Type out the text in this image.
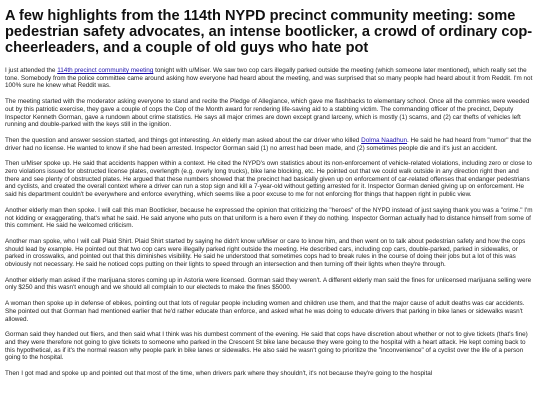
A few highlights from the 114th NYPD precinct community meeting: some pedestrian safety advocates, an intense bootlicker, a crowd of ordinary cop-cheerleaders, and a couple of old guys who hate pot

I just attended the 114th precinct community meeting tonight with u/Miser. We saw two cop cars illegally parked outside the meeting (which someone later mentioned), which really set the tone. Somebody from the police committee came around asking how everyone had heard about the meeting, and was surprised that so many people had heard about it from Reddit. I'm not 100% sure he knew what Reddit was.

The meeting started with the moderator asking everyone to stand and recite the Pledge of Allegiance, which gave me flashbacks to elementary school. Once all the commies were weeded out by this patriotic exercise, they gave a couple of cops the Cop of the Month award for rendering life-saving aid to a stabbing victim. The commanding officer of the precinct, Deputy Inspector Kenneth Gorman, gave a rundown about crime statistics. He says all major crimes are down except grand larceny, which is mostly (1) scams, and (2) car thefts of vehicles left running and double-parked with the keys still in the ignition.

Then the question and answer session started, and things got interesting. An elderly man asked about the car driver who killed Dolma Naadhun. He said he had heard from "rumor" that the driver had no license. He wanted to know if she had been arrested. Inspector Gorman said (1) no arrest had been made, and (2) sometimes people die and it's just an accident.

Then u/Miser spoke up. He said that accidents happen within a context. He cited the NYPD's own statistics about its non-enforcement of vehicle-related violations, including zero or close to zero violations issued for obstructed license plates, overlength (e.g. overly long trucks), bike lane blocking, etc. He pointed out that we could walk outside in any direction right then and there and see plenty of obstructed plates. He argued that these numbers showed that the precinct had basically given up on enforcement of car-related offenses that endanger pedestrians and cyclists, and created the overall context where a driver can run a stop sign and kill a 7-year-old without getting arrested for it. Inspector Gorman denied giving up on enforcement. He said his department couldn't be everywhere and enforce everything, which seems like a poor excuse to me for not enforcing ffor things that happen right in public view.

Another elderly man then spoke. I will call this man Bootlicker, because he expressed the opinion that criticizing the "heroes" of the NYPD instead of just saying thank you was a "crime." I'm not kidding or exaggerating, that's what he said. He said anyone who puts on that uniform is a hero even if they do nothing. Inspector Gorman actually had to distance himself from some of this comment. He said he welcomed criticism.

Another man spoke, who I will call Plaid Shirt. Plaid Shirt started by saying he didn't know u/Miser or care to know him, and then went on to talk about pedestrian safety and how the cops should lead by example. He pointed out that two cop cars were illegally parked right outside the meeting. He described cars, including cop cars, double-parked, parked in sidewalks, or parked in crosswalks, and pointed out that this diminishes visibility. He said he understood that sometimes cops had to break rules in the course of doing their jobs but a lot of this was obviously not necessary. He said he noticed cops putting on their lights to speed through an intersection and then turning off their lights when they're through.

Another elderly man asked if the marijuana stores coming up in Astoria were licensed. Gorman said they weren't. A different elderly man said the fines for unlicensed marijuana selling were only $250 and this wasn't enough and we should all complain to our electeds to make the fines $5000.

A woman then spoke up in defense of ebikes, pointing out that lots of regular people including women and children use them, and that the major cause of adult deaths was car accidents. She pointed out that Gorman had mentioned earlier that he'd rather educate than enforce, and asked what he was doing to educate drivers that parking in bike lanes or sidewalks wasn't allowed.

Gorman said they handed out fliers, and then said what I think was his dumbest comment of the evening. He said that cops have discretion about whether or not to give tickets (that's fine) and they were therefore not going to give tickets to someone who parked in the Crescent St bike lane because they were going to the hospital with a heart attack. He kept coming back to this hypothetical, as if it's the normal reason why people park in bike lanes or sidewalks. He also said he wasn't going to prioritize the "inconvenience" of a cyclist over the life of a person going to the hospital.

Then I got mad and spoke up and pointed out that most of the time, when drivers park where they shouldn't, it's not because they're going to the hospital
